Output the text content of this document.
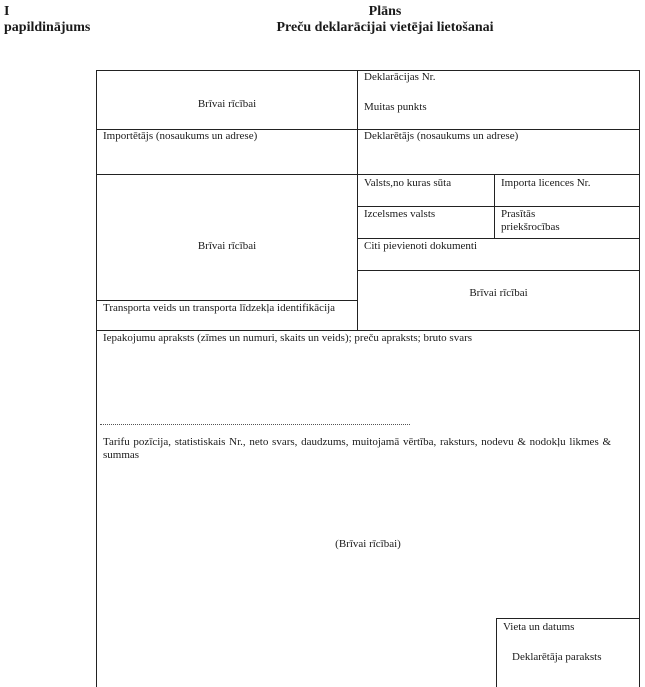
I
papildinājums
Plāns
Preču deklarācijai vietējai lietošanai
Brīvai rīcībai
Deklarācijas Nr.
Muitas punkts
Importētājs (nosaukums un adrese)	Deklarētājs (nosaukums un adrese)
Brīvai rīcībai
Valsts,no kuras sūta	Importa licences Nr.
Izcelsmes valsts	Prasītās priekšrocības
Citi pievienoti dokumenti
Brīvai rīcībai
Transporta veids un transporta līdzekļa identifikācija
Iepakojumu apraksts (zīmes un numuri, skaits un veids); preču apraksts; bruto svars
Tarifu pozīcija, statistiskais Nr., neto svars, daudzums, muitojamā vērtība, raksturs, nodevu & nodokļu likmes & summas
(Brīvai rīcībai)
Vieta un datums
Deklarētāja paraksts
